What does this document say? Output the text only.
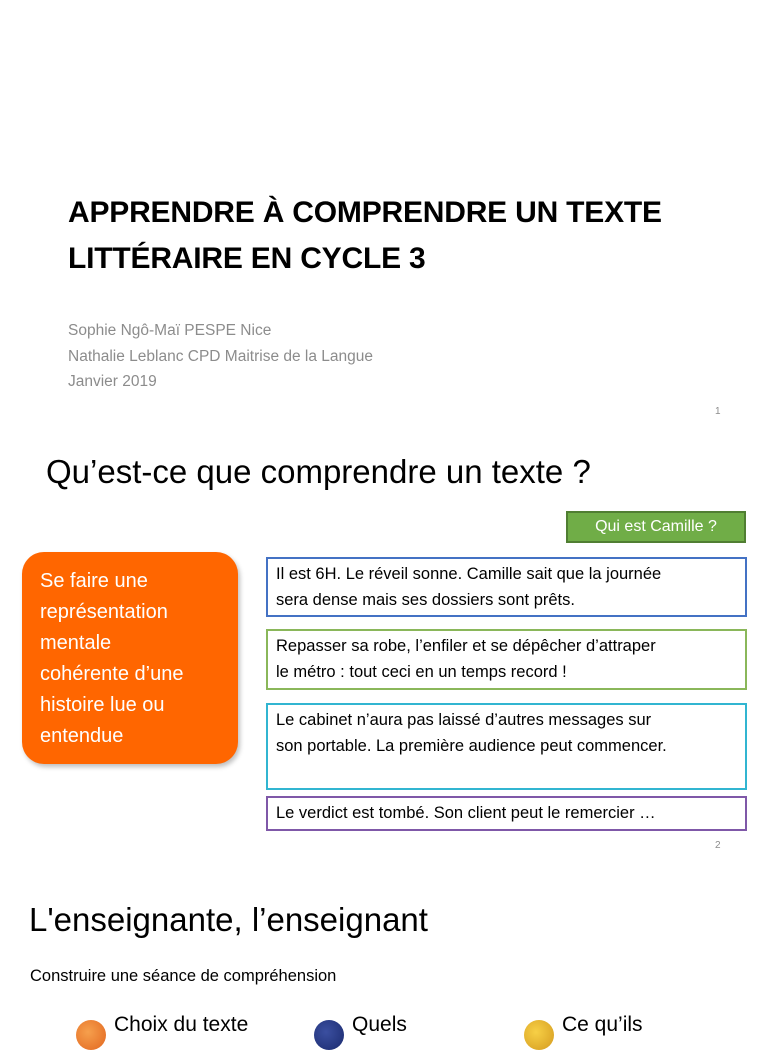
APPRENDRE À COMPRENDRE UN TEXTE
LITTÉRAIRE EN CYCLE 3

Sophie Ngô-Maï PESPE Nice
Nathalie Leblanc CPD Maitrise de la Langue
Janvier 2019

1
Qu’est-ce que comprendre un texte ?
Qui est Camille ?
Se faire une
représentation
mentale
cohérente d’une
histoire lue ou
entendue
Il est 6H. Le réveil sonne. Camille sait que la journée
sera dense mais ses dossiers sont prêts.
Repasser sa robe, l’enfiler et se dépêcher d’attraper
le métro : tout ceci en un temps record !
Le cabinet n’aura pas laissé d’autres messages sur
son portable. La première audience peut commencer.
Le verdict est tombé. Son client peut le remercier …
2
L'enseignante, l’enseignant

Construire une séance de compréhension

Choix du texte	Quels	Ce qu’ils
